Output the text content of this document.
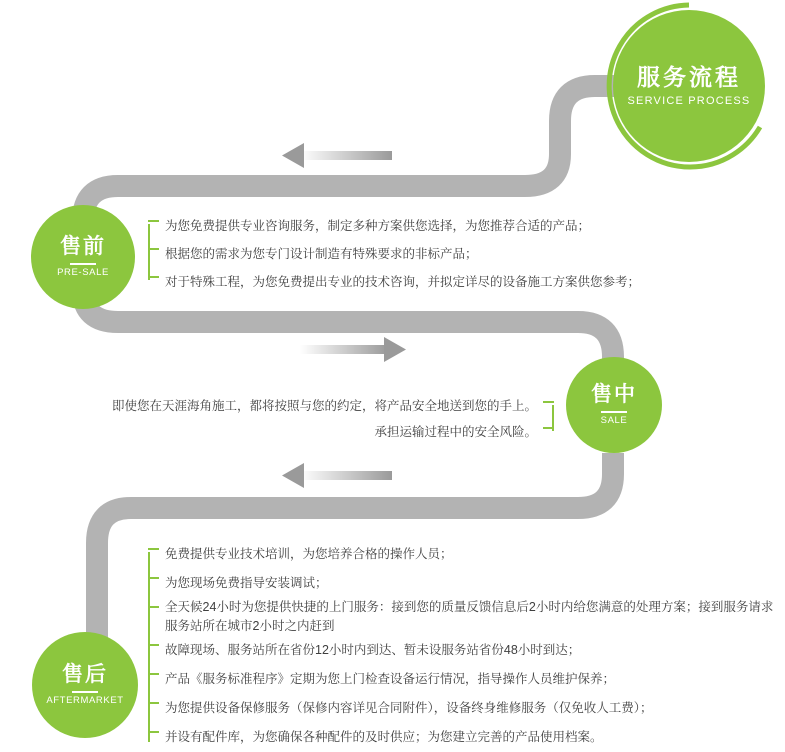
服务流程
SERVICE PROCESS
售前
PRE-SALE
为您免费提供专业咨询服务，制定多种方案供您选择，为您推荐合适的产品；
根据您的需求为您专门设计制造有特殊要求的非标产品；
对于特殊工程，为您免费提出专业的技术咨询，并拟定详尽的设备施工方案供您参考；
售中
SALE
即使您在天涯海角施工，都将按照与您的约定，将产品安全地送到您的手上。
承担运输过程中的安全风险。
售后
AFTERMARKET
免费提供专业技术培训，为您培养合格的操作人员；
为您现场免费指导安装调试；
全天候24小时为您提供快捷的上门服务：接到您的质量反馈信息后2小时内给您满意的处理方案；接到服务请求
服务站所在城市2小时之内赶到
故障现场、服务站所在省份12小时内到达、暂未设服务站省份48小时到达；
产品《服务标准程序》定期为您上门检查设备运行情况，指导操作人员维护保养；
为您提供设备保修服务（保修内容详见合同附件），设备终身维修服务（仅免收人工费）；
并设有配件库，为您确保各种配件的及时供应；为您建立完善的产品使用档案。
